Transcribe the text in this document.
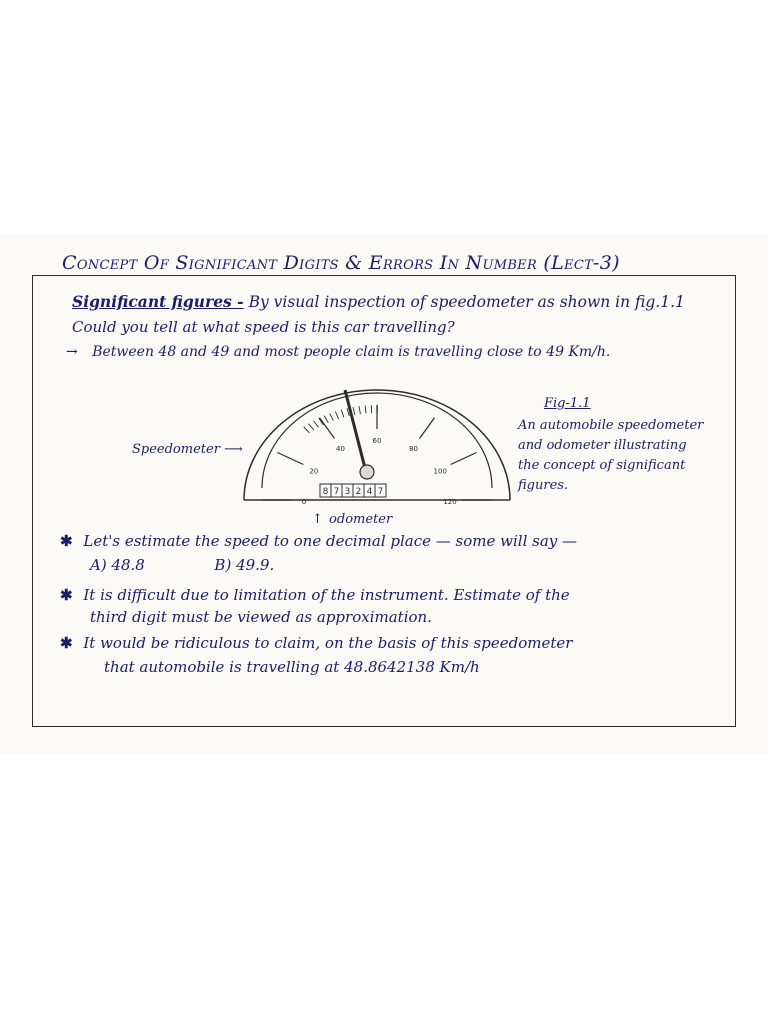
Concept Of Significant Digits & Errors In Number (Lect-3)
Significant figures - By visual inspection of speedometer as shown in fig.1.1
Could you tell at what speed is this car travelling?
→ Between 48 and 49 and most people claim is travelling close to 49 Km/h.
Speedometer ⟶
0
20
40
60
80
100
120
8 7 3 2 4 7
↑ odometer
Fig-1.1
An automobile speedometer
and odometer illustrating
the concept of significant
figures.
✱ Let's estimate the speed to one decimal place — some will say —
A) 48.8	B) 49.9.
✱ It is difficult due to limitation of the instrument. Estimate of the
third digit must be viewed as approximation.
✱ It would be ridiculous to claim, on the basis of this speedometer
that automobile is travelling at 48.8642138 Km/h
